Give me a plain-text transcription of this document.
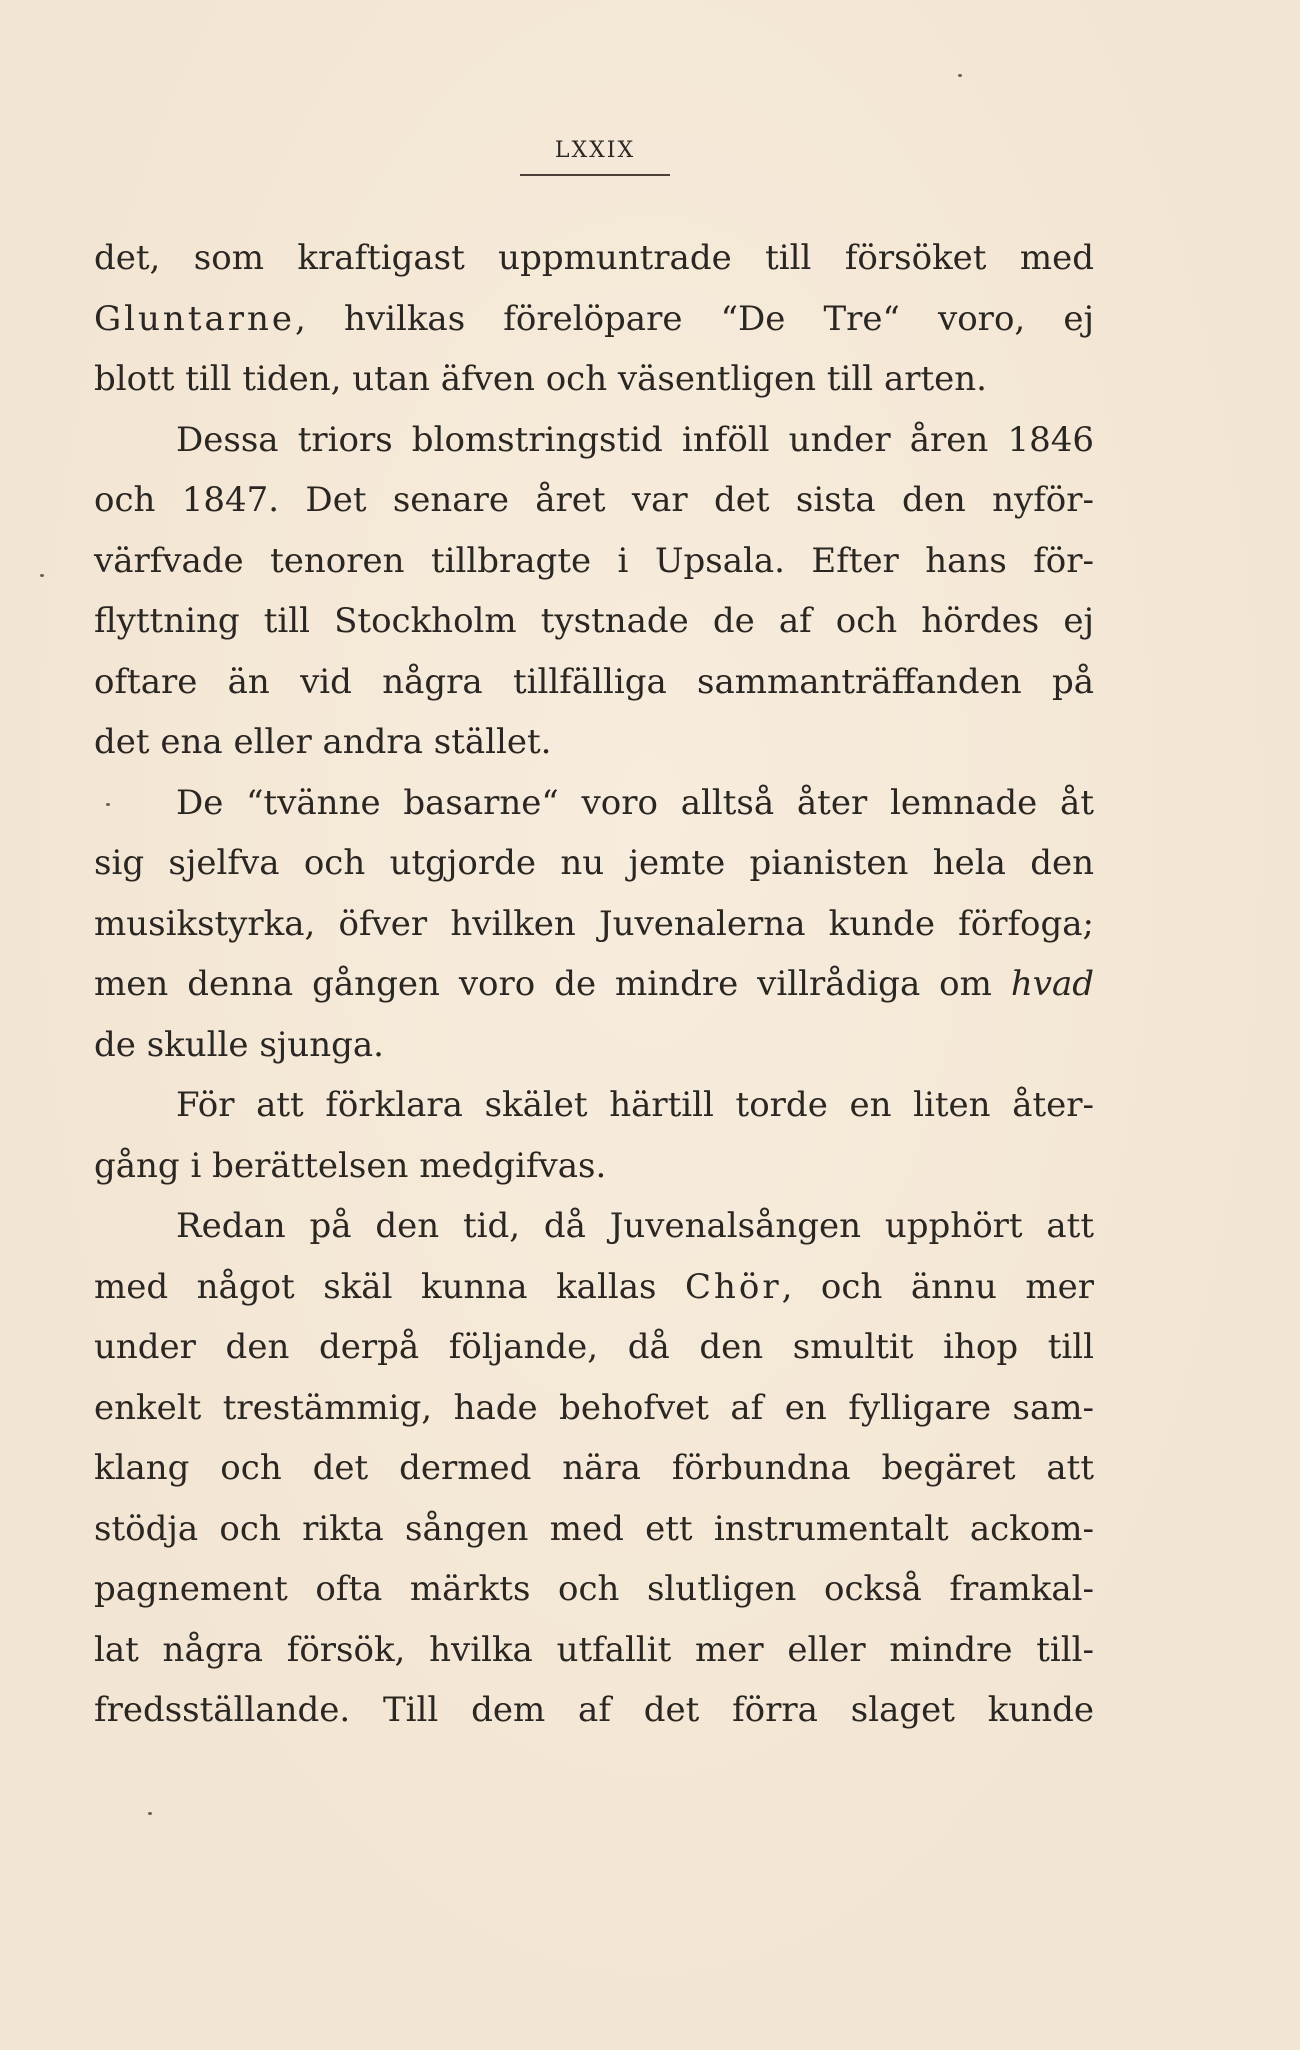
LXXIX
det, som kraftigast uppmuntrade till försöket med
Gluntarne, hvilkas förelöpare “De Tre“ voro, ej
blott till tiden, utan äfven och väsentligen till arten.
Dessa triors blomstringstid inföll under åren 1846
och 1847. Det senare året var det sista den nyför-
värfvade tenoren tillbragte i Upsala. Efter hans för-
flyttning till Stockholm tystnade de af och hördes ej
oftare än vid några tillfälliga sammanträffanden på
det ena eller andra stället.
De “tvänne basarne“ voro alltså åter lemnade åt
sig sjelfva och utgjorde nu jemte pianisten hela den
musikstyrka, öfver hvilken Juvenalerna kunde förfoga;
men denna gången voro de mindre villrådiga om hvad
de skulle sjunga.
För att förklara skälet härtill torde en liten åter-
gång i berättelsen medgifvas.
Redan på den tid, då Juvenalsången upphört att
med något skäl kunna kallas Chör, och ännu mer
under den derpå följande, då den smultit ihop till
enkelt trestämmig, hade behofvet af en fylligare sam-
klang och det dermed nära förbundna begäret att
stödja och rikta sången med ett instrumentalt ackom-
pagnement ofta märkts och slutligen också framkal-
lat några försök, hvilka utfallit mer eller mindre till-
fredsställande. Till dem af det förra slaget kunde
